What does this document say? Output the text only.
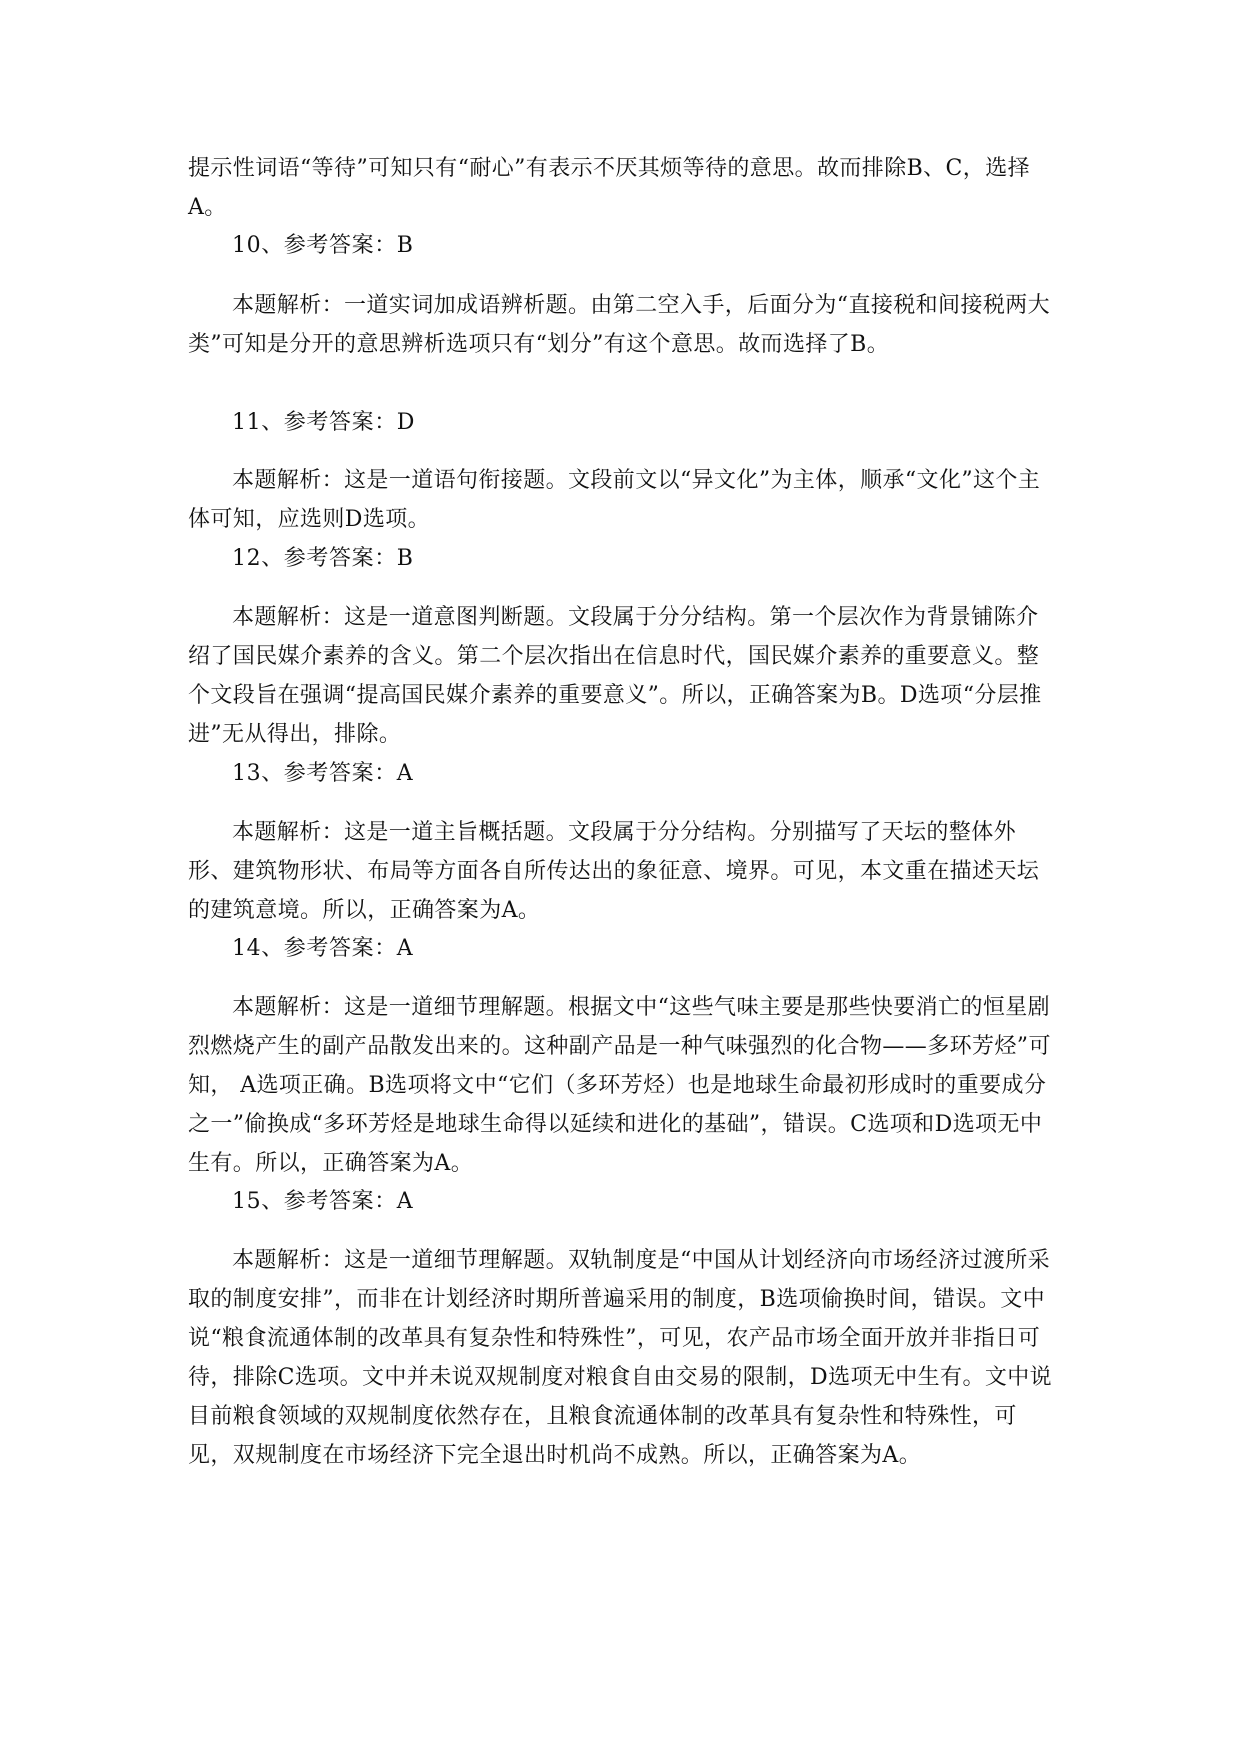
提示性词语“等待”可知只有“耐心”有表示不厌其烦等待的意思。故而排除B、C，选择A。

10、参考答案：B

本题解析：一道实词加成语辨析题。由第二空入手，后面分为“直接税和间接税两大类”可知是分开的意思辨析选项只有“划分”有这个意思。故而选择了B。

11、参考答案：D

本题解析：这是一道语句衔接题。文段前文以“异文化”为主体，顺承“文化”这个主体可知，应选则D选项。

12、参考答案：B

本题解析：这是一道意图判断题。文段属于分分结构。第一个层次作为背景铺陈介绍了国民媒介素养的含义。第二个层次指出在信息时代，国民媒介素养的重要意义。整个文段旨在强调“提高国民媒介素养的重要意义”。所以，正确答案为B。D选项“分层推进”无从得出，排除。

13、参考答案：A

本题解析：这是一道主旨概括题。文段属于分分结构。分别描写了天坛的整体外形、建筑物形状、布局等方面各自所传达出的象征意、境界。可见，本文重在描述天坛的建筑意境。所以，正确答案为A。

14、参考答案：A

本题解析：这是一道细节理解题。根据文中“这些气味主要是那些快要消亡的恒星剧烈燃烧产生的副产品散发出来的。这种副产品是一种气味强烈的化合物——多环芳烃”可知， A选项正确。B选项将文中“它们（多环芳烃）也是地球生命最初形成时的重要成分之一”偷换成“多环芳烃是地球生命得以延续和进化的基础”，错误。C选项和D选项无中生有。所以，正确答案为A。

15、参考答案：A

本题解析：这是一道细节理解题。双轨制度是“中国从计划经济向市场经济过渡所采取的制度安排”，而非在计划经济时期所普遍采用的制度，B选项偷换时间，错误。文中说“粮食流通体制的改革具有复杂性和特殊性”，可见，农产品市场全面开放并非指日可待，排除C选项。文中并未说双规制度对粮食自由交易的限制，D选项无中生有。文中说目前粮食领域的双规制度依然存在，且粮食流通体制的改革具有复杂性和特殊性，可见，双规制度在市场经济下完全退出时机尚不成熟。所以，正确答案为A。
